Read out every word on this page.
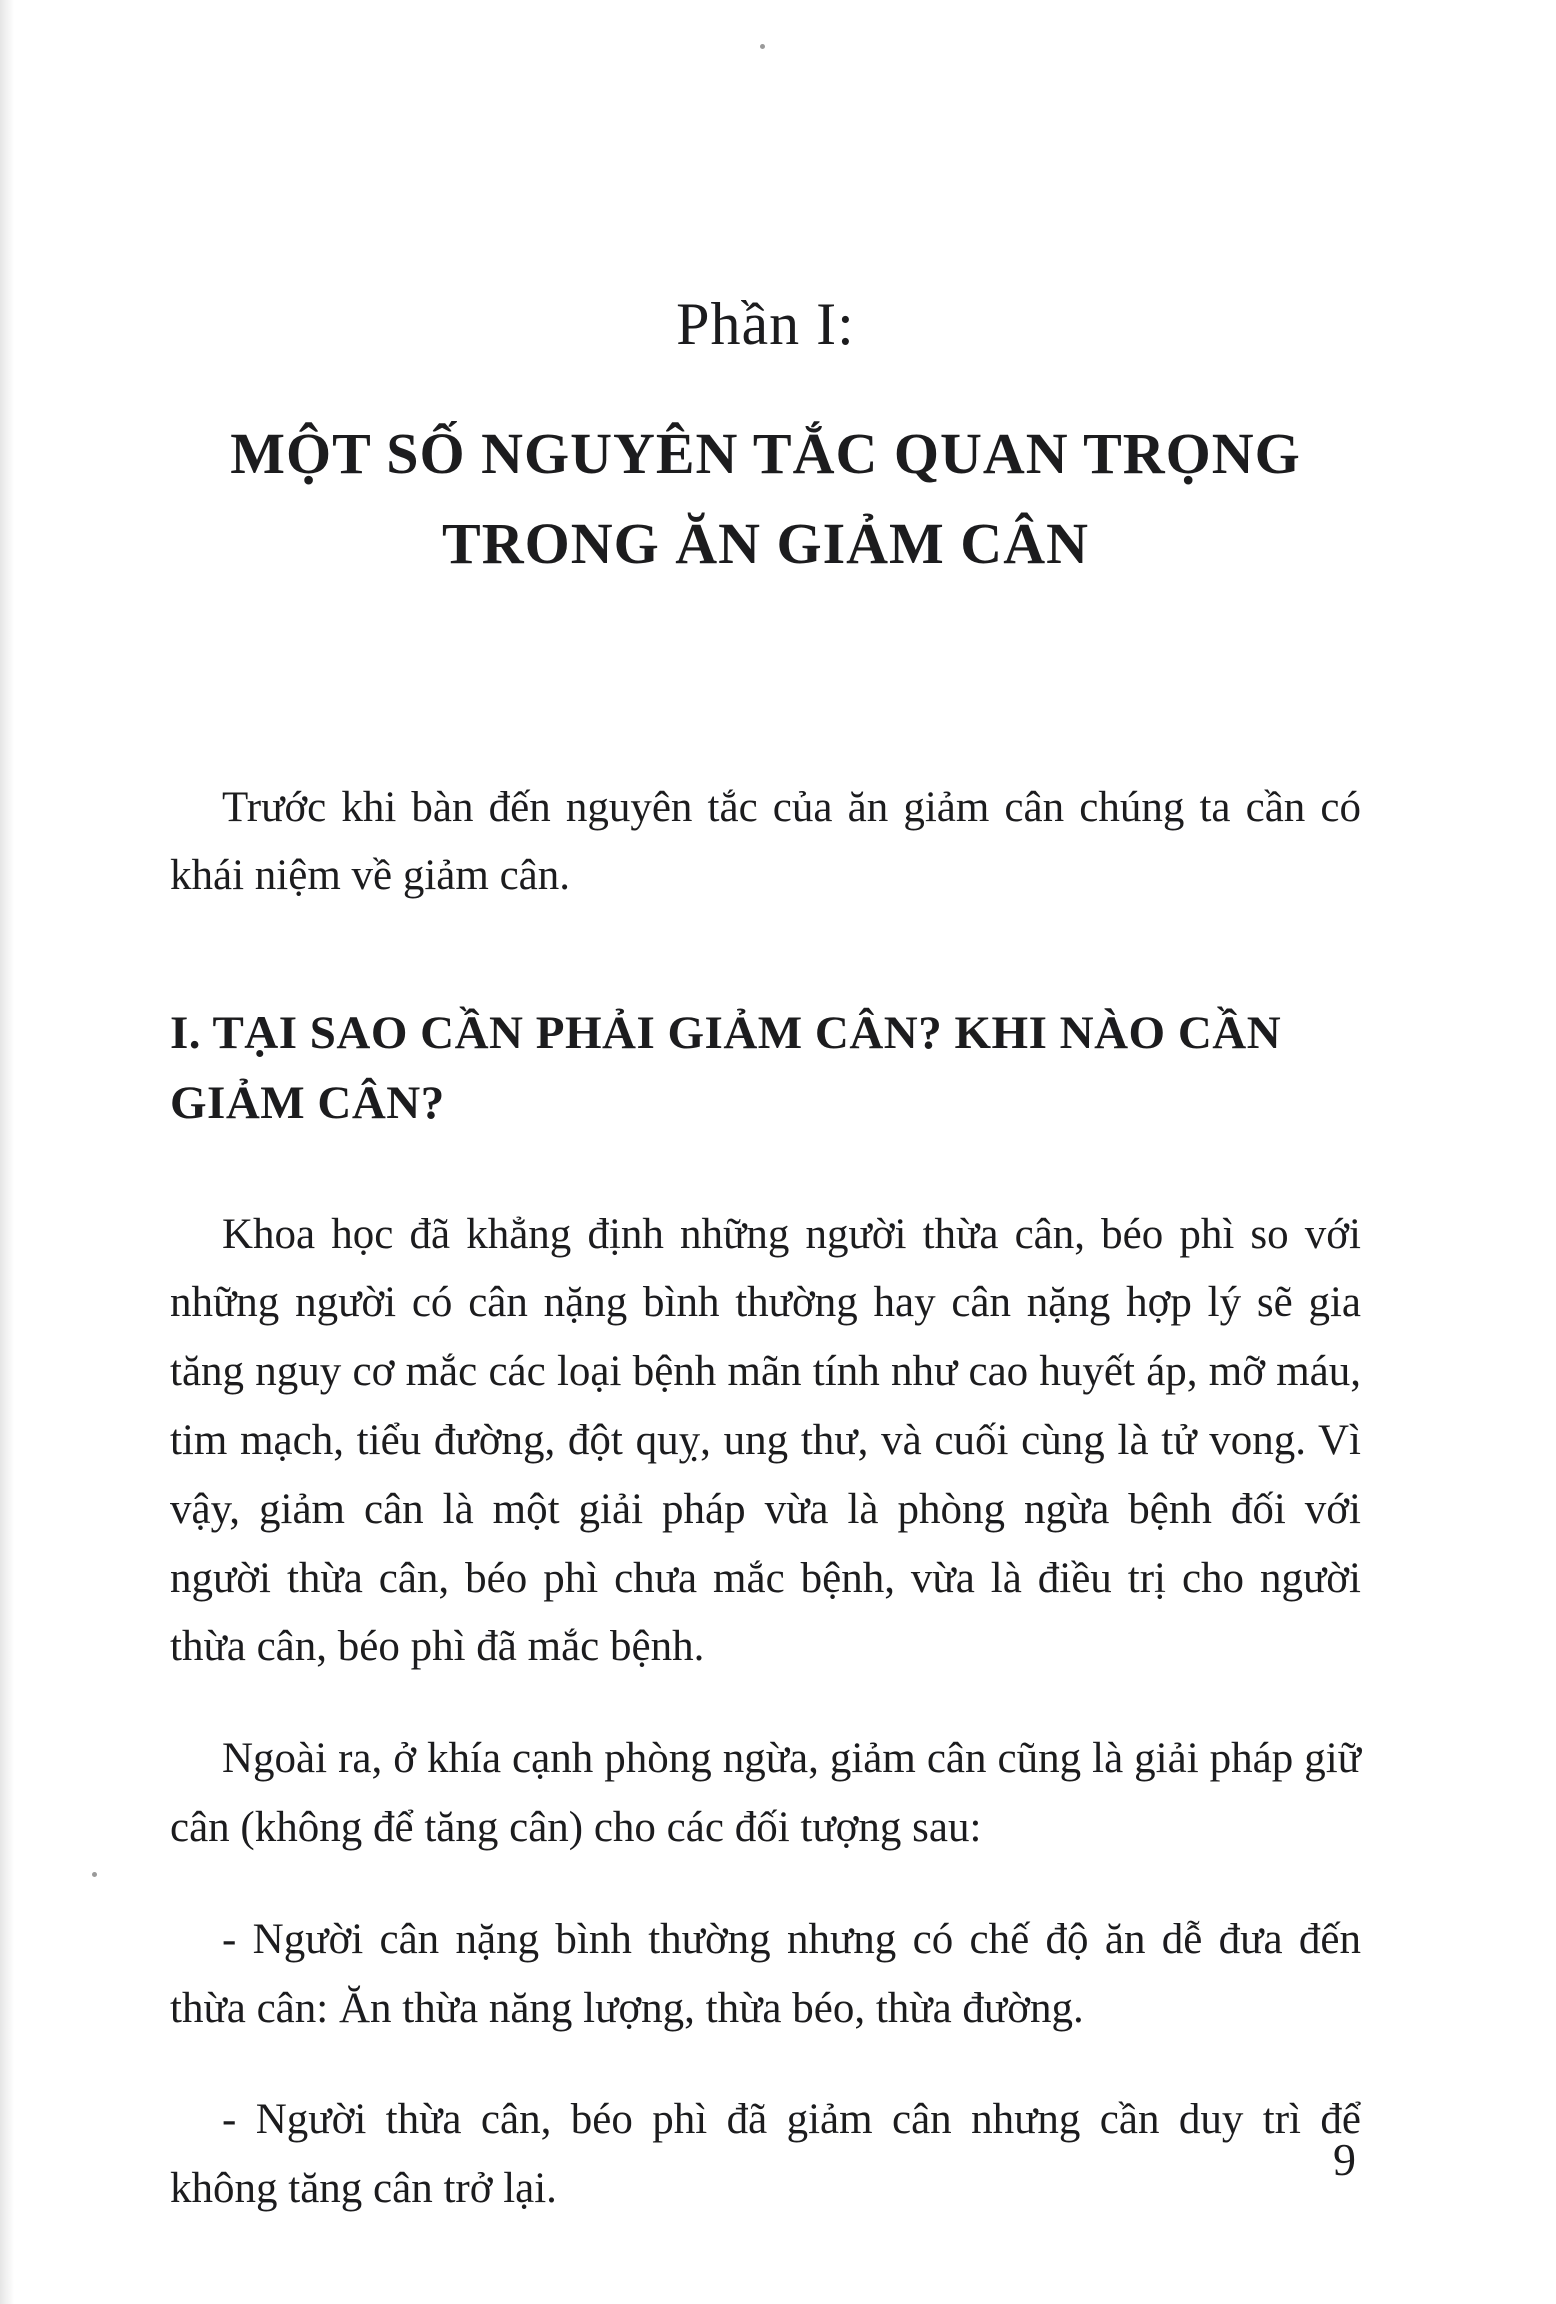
Phần I:
MỘT SỐ NGUYÊN TẮC QUAN TRỌNG
TRONG ĂN GIẢM CÂN

Trước khi bàn đến nguyên tắc của ăn giảm cân chúng ta cần có khái niệm về giảm cân.

I. TẠI SAO CẦN PHẢI GIẢM CÂN? KHI NÀO CẦN GIẢM CÂN?

Khoa học đã khẳng định những người thừa cân, béo phì so với những người có cân nặng bình thường hay cân nặng hợp lý sẽ gia tăng nguy cơ mắc các loại bệnh mãn tính như cao huyết áp, mỡ máu, tim mạch, tiểu đường, đột quỵ, ung thư, và cuối cùng là tử vong. Vì vậy, giảm cân là một giải pháp vừa là phòng ngừa bệnh đối với người thừa cân, béo phì chưa mắc bệnh, vừa là điều trị cho người thừa cân, béo phì đã mắc bệnh.

Ngoài ra, ở khía cạnh phòng ngừa, giảm cân cũng là giải pháp giữ cân (không để tăng cân) cho các đối tượng sau:

- Người cân nặng bình thường nhưng có chế độ ăn dễ đưa đến thừa cân: Ăn thừa năng lượng, thừa béo, thừa đường.

- Người thừa cân, béo phì đã giảm cân nhưng cần duy trì để không tăng cân trở lại.

9
